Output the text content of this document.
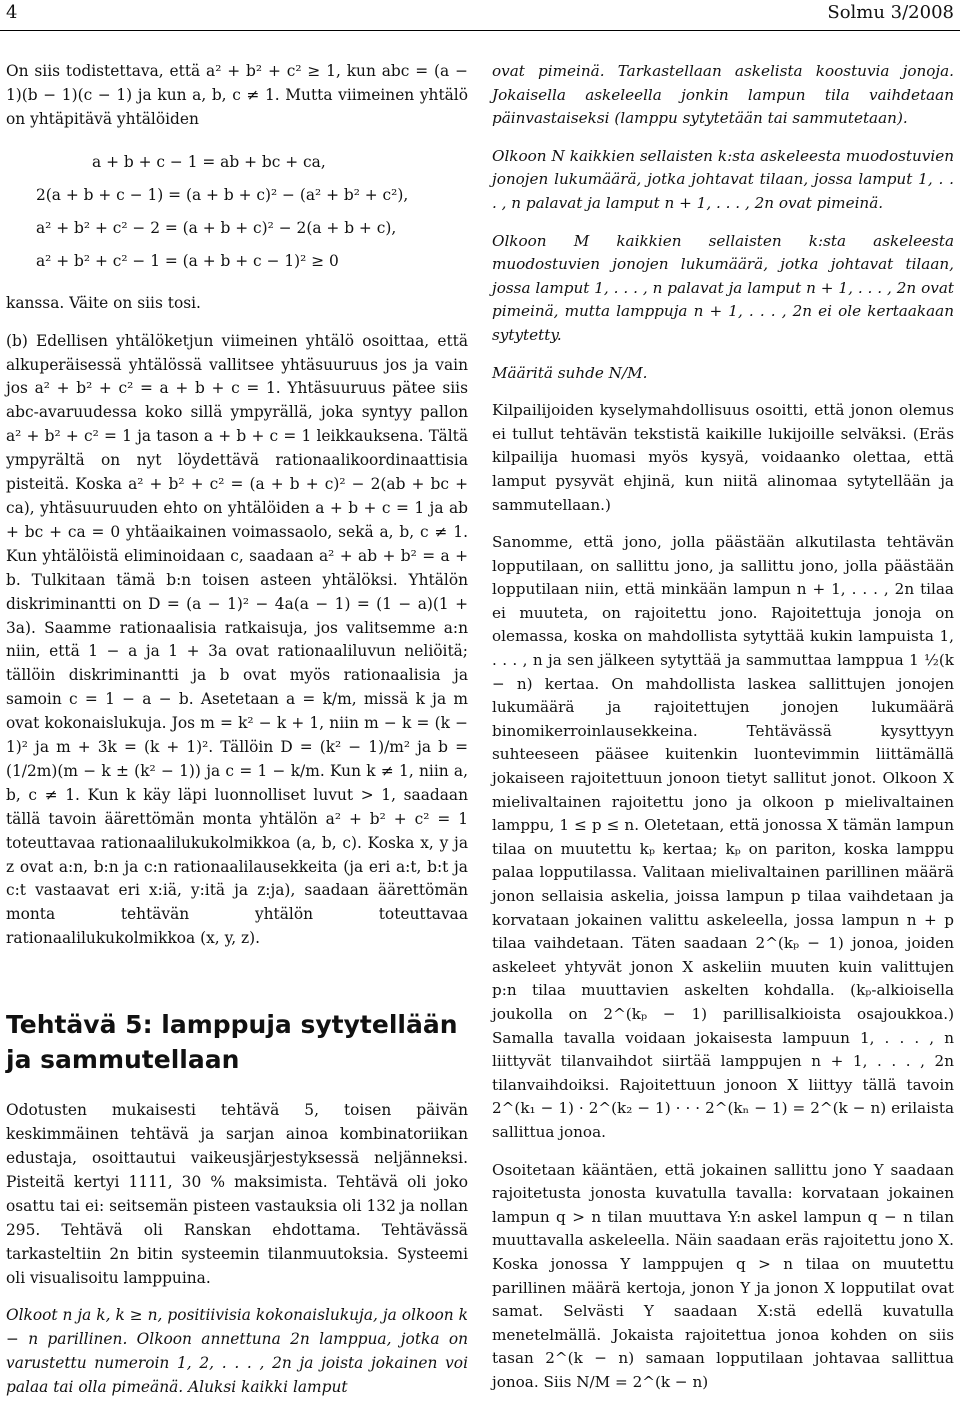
4	Solmu 3/2008

On siis todistettava, että a² + b² + c² ≥ 1, kun abc = (a − 1)(b − 1)(c − 1) ja kun a, b, c ≠ 1. Mutta viimeinen yhtälö on yhtäpitävä yhtälöiden

a + b + c − 1 = ab + bc + ca,
2(a + b + c − 1) = (a + b + c)² − (a² + b² + c²),
a² + b² + c² − 2 = (a + b + c)² − 2(a + b + c),
a² + b² + c² − 1 = (a + b + c − 1)² ≥ 0

kanssa. Väite on siis tosi.

(b) Edellisen yhtälöketjun viimeinen yhtälö osoittaa, että alkuperäisessä yhtälössä vallitsee yhtäsuuruus jos ja vain jos a² + b² + c² = a + b + c = 1. Yhtäsuuruus pätee siis abc-avaruudessa koko sillä ympyrällä, joka syntyy pallon a² + b² + c² = 1 ja tason a + b + c = 1 leikkauksena. Tältä ympyrältä on nyt löydettävä rationaalikoordinaattisia pisteitä. Koska a² + b² + c² = (a + b + c)² − 2(ab + bc + ca), yhtäsuuruuden ehto on yhtälöiden a + b + c = 1 ja ab + bc + ca = 0 yhtäaikainen voimassaolo, sekä a, b, c ≠ 1. Kun yhtälöistä eliminoidaan c, saadaan a² + ab + b² = a + b. Tulkitaan tämä b:n toisen asteen yhtälöksi. Yhtälön diskriminantti on D = (a − 1)² − 4a(a − 1) = (1 − a)(1 + 3a). Saamme rationaalisia ratkaisuja, jos valitsemme a:n niin, että 1 − a ja 1 + 3a ovat rationaaliluvun neliöitä; tällöin diskriminantti ja b ovat myös rationaalisia ja samoin c = 1 − a − b. Asetetaan a = k/m, missä k ja m ovat kokonaislukuja. Jos m = k² − k + 1, niin m − k = (k − 1)² ja m + 3k = (k + 1)². Tällöin D = (k² − 1)/m² ja b = (1/2m)(m − k ± (k² − 1)) ja c = 1 − k/m. Kun k ≠ 1, niin a, b, c ≠ 1. Kun k käy läpi luonnolliset luvut > 1, saadaan tällä tavoin äärettömän monta yhtälön a² + b² + c² = 1 toteuttavaa rationaalilukukolmikkoa (a, b, c). Koska x, y ja z ovat a:n, b:n ja c:n rationaalilausekkeita (ja eri a:t, b:t ja c:t vastaavat eri x:iä, y:itä ja z:ja), saadaan äärettömän monta tehtävän yhtälön toteuttavaa rationaalilukukolmikkoa (x, y, z).

Tehtävä 5: lamppuja sytytellään ja sammutellaan

Odotusten mukaisesti tehtävä 5, toisen päivän keskimmäinen tehtävä ja sarjan ainoa kombinatoriikan edustaja, osoittautui vaikeusjärjestyksessä neljänneksi. Pisteitä kertyi 1111, 30 % maksimista. Tehtävä oli joko osattu tai ei: seitsemän pisteen vastauksia oli 132 ja nollan 295. Tehtävä oli Ranskan ehdottama. Tehtävässä tarkasteltiin 2n bitin systeemin tilanmuutoksia. Systeemi oli visualisoitu lamppuina.

Olkoot n ja k, k ≥ n, positiivisia kokonaislukuja, ja olkoon k − n parillinen. Olkoon annettuna 2n lamppua, jotka on varustettu numeroin 1, 2, . . . , 2n ja joista jokainen voi palaa tai olla pimeänä. Aluksi kaikki lamput

ovat pimeinä. Tarkastellaan askelista koostuvia jonoja. Jokaisella askeleella jonkin lampun tila vaihdetaan päinvastaiseksi (lamppu sytytetään tai sammutetaan).

Olkoon N kaikkien sellaisten k:sta askeleesta muodostuvien jonojen lukumäärä, jotka johtavat tilaan, jossa lamput 1, . . . , n palavat ja lamput n + 1, . . . , 2n ovat pimeinä.

Olkoon M kaikkien sellaisten k:sta askeleesta muodostuvien jonojen lukumäärä, jotka johtavat tilaan, jossa lamput 1, . . . , n palavat ja lamput n + 1, . . . , 2n ovat pimeinä, mutta lamppuja n + 1, . . . , 2n ei ole kertaakaan sytytetty.

Määritä suhde N/M.

Kilpailijoiden kyselymahdollisuus osoitti, että jonon olemus ei tullut tehtävän tekstistä kaikille lukijoille selväksi. (Eräs kilpailija huomasi myös kysyä, voidaanko olettaa, että lamput pysyvät ehjinä, kun niitä alinomaa sytytellään ja sammutellaan.)

Sanomme, että jono, jolla päästään alkutilasta tehtävän lopputilaan, on sallittu jono, ja sallittu jono, jolla päästään lopputilaan niin, että minkään lampun n + 1, . . . , 2n tilaa ei muuteta, on rajoitettu jono. Rajoitettuja jonoja on olemassa, koska on mahdollista sytyttää kukin lampuista 1, . . . , n ja sen jälkeen sytyttää ja sammuttaa lamppua 1 ½(k − n) kertaa. On mahdollista laskea sallittujen jonojen lukumäärä ja rajoitettujen jonojen lukumäärä binomikerroinlausekkeina. Tehtävässä kysyttyyn suhteeseen pääsee kuitenkin luontevimmin liittämällä jokaiseen rajoitettuun jonoon tietyt sallitut jonot. Olkoon X mielivaltainen rajoitettu jono ja olkoon p mielivaltainen lamppu, 1 ≤ p ≤ n. Oletetaan, että jonossa X tämän lampun tilaa on muutettu kₚ kertaa; kₚ on pariton, koska lamppu palaa lopputilassa. Valitaan mielivaltainen parillinen määrä jonon sellaisia askelia, joissa lampun p tilaa vaihdetaan ja korvataan jokainen valittu askeleella, jossa lampun n + p tilaa vaihdetaan. Täten saadaan 2^(kₚ − 1) jonoa, joiden askeleet yhtyvät jonon X askeliin muuten kuin valittujen p:n tilaa muuttavien askelten kohdalla. (kₚ-alkioisella joukolla on 2^(kₚ − 1) parillisalkioista osajoukkoa.) Samalla tavalla voidaan jokaisesta lampuun 1, . . . , n liittyvät tilanvaihdot siirtää lamppujen n + 1, . . . , 2n tilanvaihdoiksi. Rajoitettuun jonoon X liittyy tällä tavoin 2^(k₁ − 1) · 2^(k₂ − 1) · · · 2^(kₙ − 1) = 2^(k − n) erilaista sallittua jonoa.

Osoitetaan kääntäen, että jokainen sallittu jono Y saadaan rajoitetusta jonosta kuvatulla tavalla: korvataan jokainen lampun q > n tilan muuttava Y:n askel lampun q − n tilan muuttavalla askeleella. Näin saadaan eräs rajoitettu jono X. Koska jonossa Y lamppujen q > n tilaa on muutettu parillinen määrä kertoja, jonon Y ja jonon X lopputilat ovat samat. Selvästi Y saadaan X:stä edellä kuvatulla menetelmällä. Jokaista rajoitettua jonoa kohden on siis tasan 2^(k − n) samaan lopputilaan johtavaa sallittua jonoa. Siis N/M = 2^(k − n)
